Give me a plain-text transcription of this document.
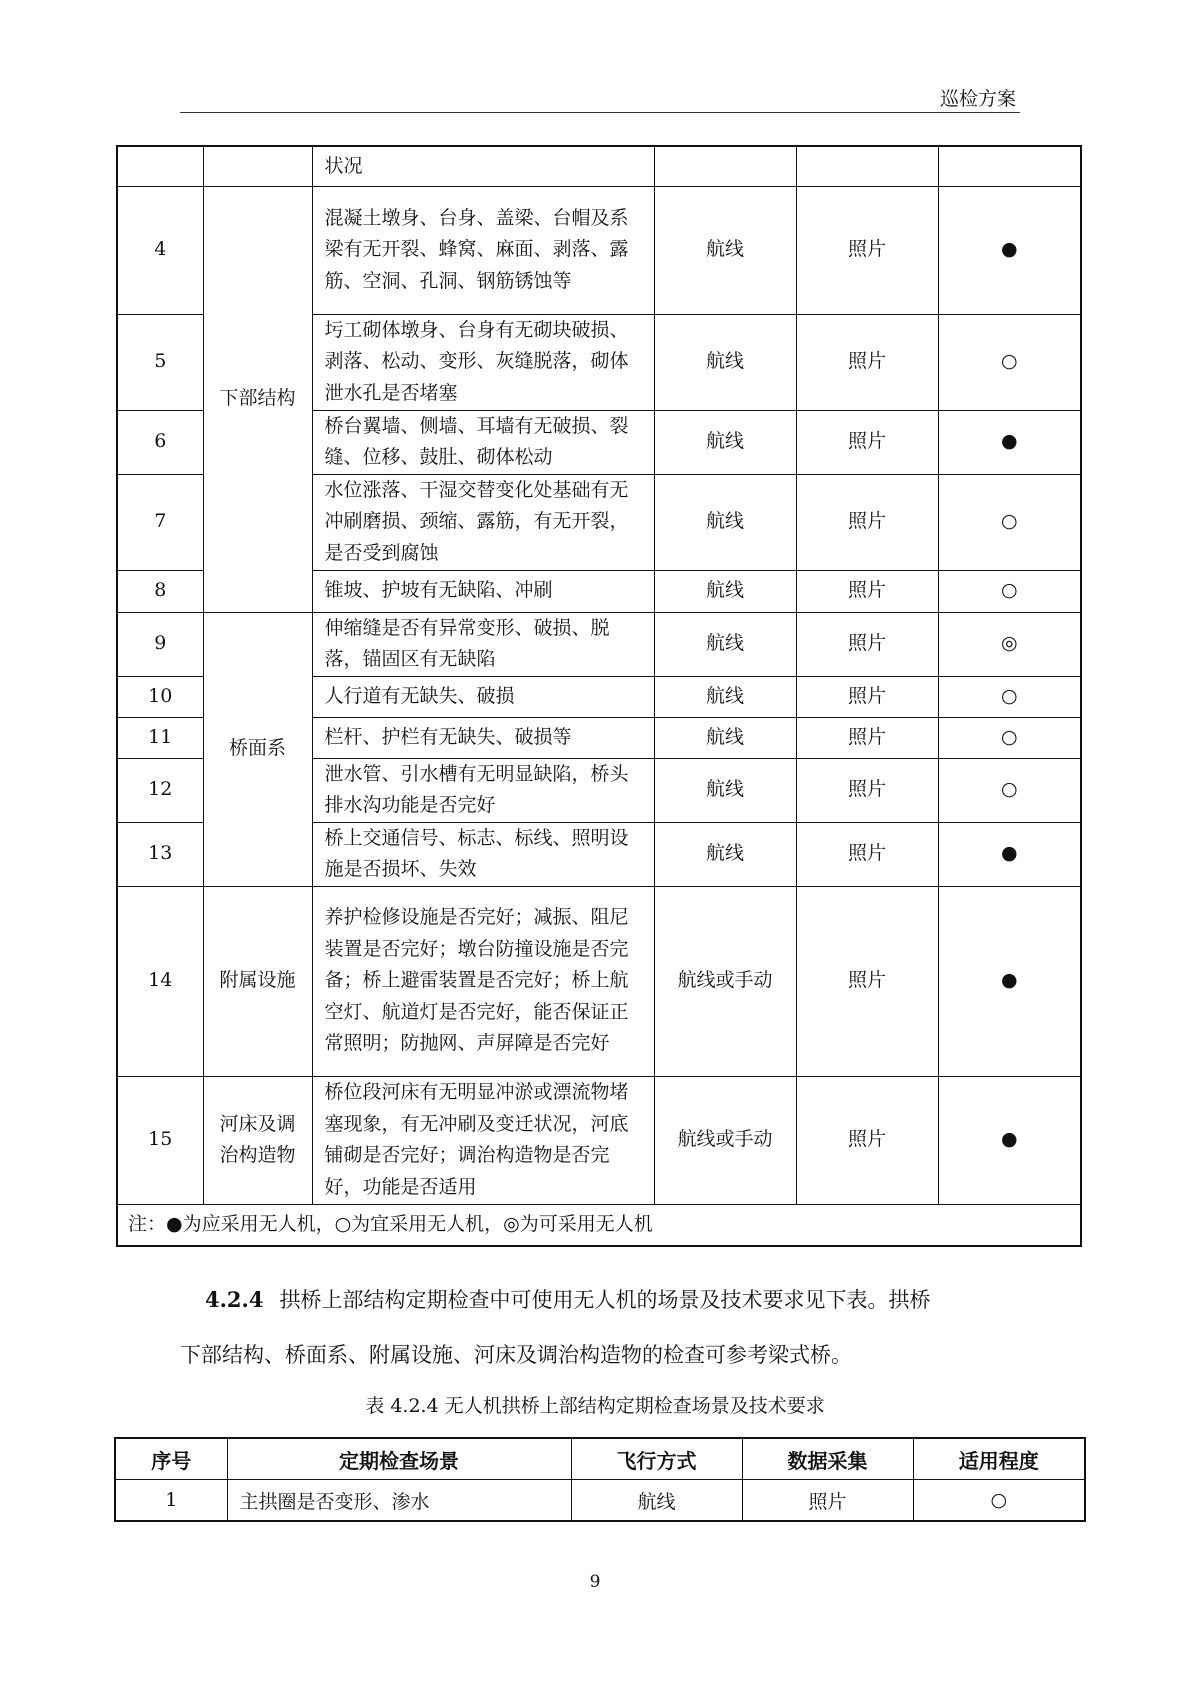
巡检方案
		状况			
4	下部结构	混凝土墩身、台身、盖梁、台帽及系梁有无开裂、蜂窝、麻面、剥落、露筋、空洞、孔洞、钢筋锈蚀等	航线	照片	●
5		圬工砌体墩身、台身有无砌块破损、剥落、松动、变形、灰缝脱落，砌体泄水孔是否堵塞	航线	照片	○
6		桥台翼墙、侧墙、耳墙有无破损、裂缝、位移、鼓肚、砌体松动	航线	照片	●
7		水位涨落、干湿交替变化处基础有无冲刷磨损、颈缩、露筋，有无开裂，是否受到腐蚀	航线	照片	○
8		锥坡、护坡有无缺陷、冲刷	航线	照片	○
9	桥面系	伸缩缝是否有异常变形、破损、脱落，锚固区有无缺陷	航线	照片	◎
10		人行道有无缺失、破损	航线	照片	○
11		栏杆、护栏有无缺失、破损等	航线	照片	○
12		泄水管、引水槽有无明显缺陷，桥头排水沟功能是否完好	航线	照片	○
13		桥上交通信号、标志、标线、照明设施是否损坏、失效	航线	照片	●
14	附属设施	养护检修设施是否完好；减振、阻尼装置是否完好；墩台防撞设施是否完备；桥上避雷装置是否完好；桥上航空灯、航道灯是否完好，能否保证正常照明；防抛网、声屏障是否完好	航线或手动	照片	●
15	河床及调治构造物	桥位段河床有无明显冲淤或漂流物堵塞现象，有无冲刷及变迁状况，河底铺砌是否完好；调治构造物是否完好，功能是否适用	航线或手动	照片	●
注：●为应采用无人机，○为宜采用无人机，◎为可采用无人机					
4.2.4 拱桥上部结构定期检查中可使用无人机的场景及技术要求见下表。拱桥
下部结构、桥面系、附属设施、河床及调治构造物的检查可参考梁式桥。
表 4.2.4 无人机拱桥上部结构定期检查场景及技术要求
序号	定期检查场景	飞行方式	数据采集	适用程度
1	主拱圈是否变形、渗水	航线	照片	○
9
